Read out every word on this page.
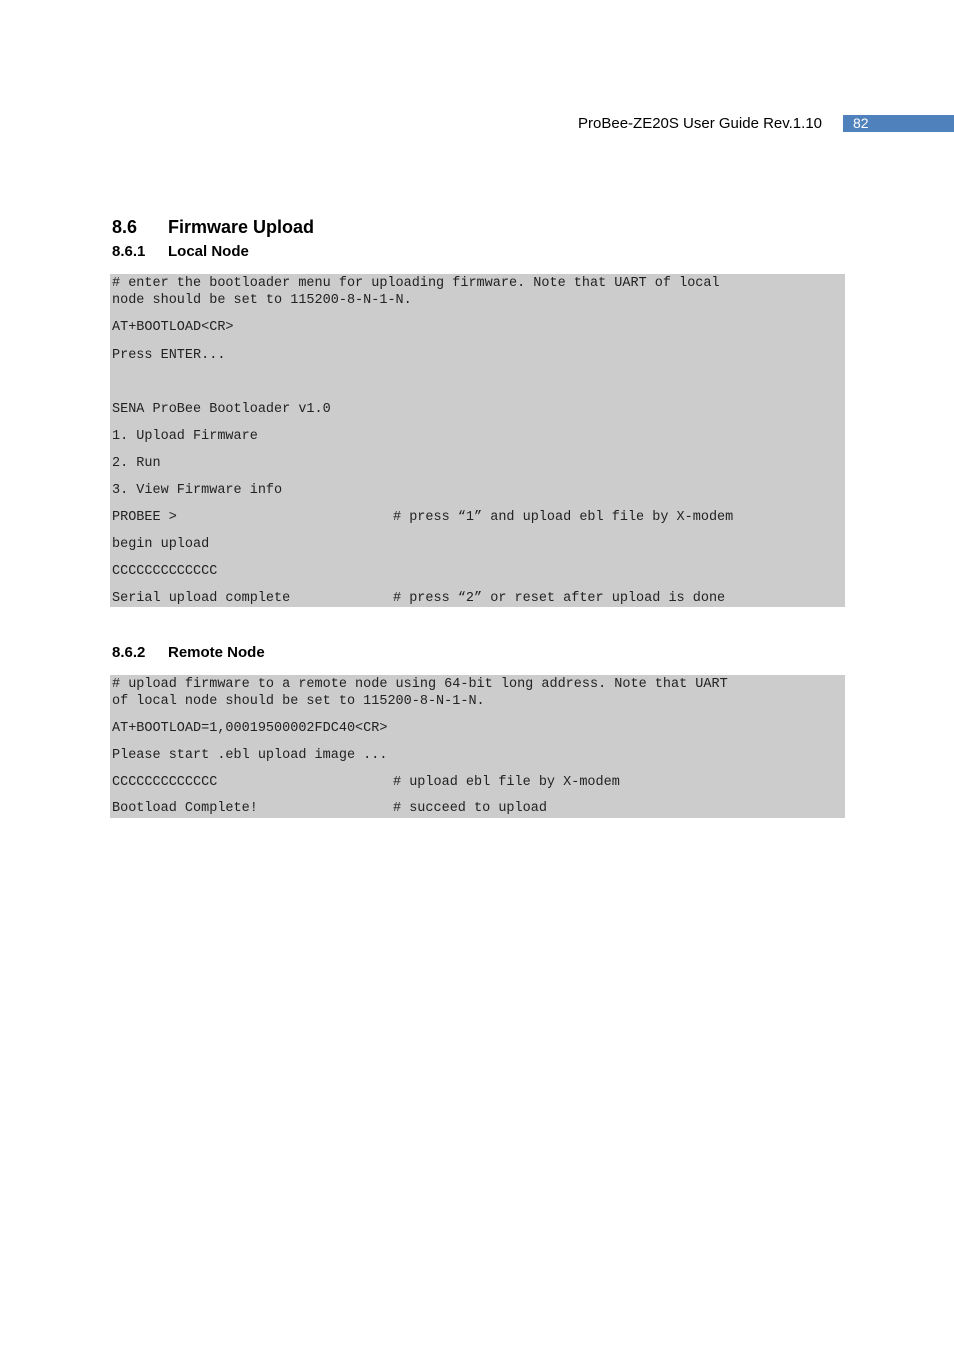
ProBee-ZE20S User Guide Rev.1.10	82
8.6 Firmware Upload
8.6.1 Local Node
# enter the bootloader menu for uploading firmware. Note that UART of local
node should be set to 115200-8-N-1-N.
AT+BOOTLOAD<CR>
Press ENTER...
SENA ProBee Bootloader v1.0
1. Upload Firmware
2. Run
3. View Firmware info
PROBEE >	# press “1” and upload ebl file by X-modem
begin upload
CCCCCCCCCCCCC
Serial upload complete	# press “2” or reset after upload is done
8.6.2 Remote Node
# upload firmware to a remote node using 64-bit long address. Note that UART
of local node should be set to 115200-8-N-1-N.
AT+BOOTLOAD=1,00019500002FDC40<CR>
Please start .ebl upload image ...
CCCCCCCCCCCCC	# upload ebl file by X-modem
Bootload Complete!	# succeed to upload
